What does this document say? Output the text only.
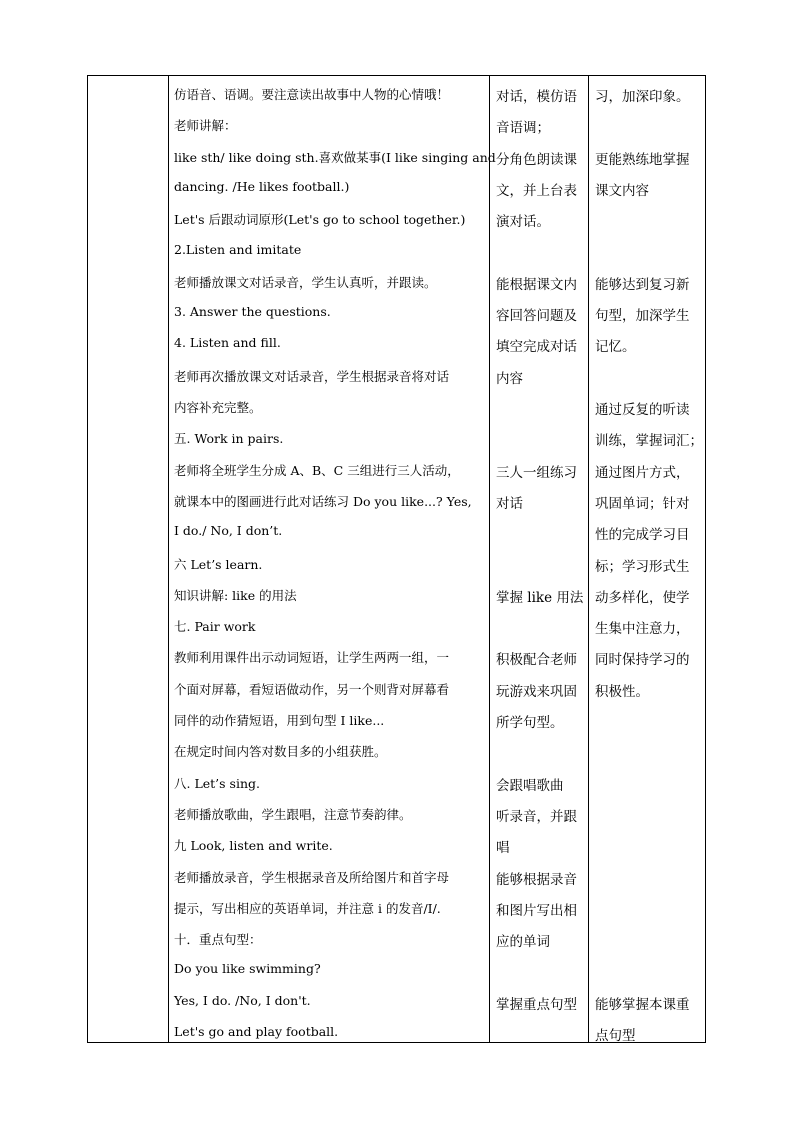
仿语音、语调。要注意读出故事中人物的心情哦！
老师讲解：
like sth/ like doing sth.喜欢做某事(I like singing and
dancing. /He likes football.)
Let's 后跟动词原形(Let's go to school together.)
2.Listen and imitate
老师播放课文对话录音，学生认真听，并跟读。
3. Answer the questions.
4. Listen and fill.
老师再次播放课文对话录音，学生根据录音将对话
内容补充完整。
五. Work in pairs.
老师将全班学生分成 A、B、C 三组进行三人活动，
就课本中的图画进行此对话练习 Do you like...? Yes,
I do./ No, I don’t.
六 Let’s learn.
知识讲解: like 的用法
七. Pair work
教师利用课件出示动词短语，让学生两两一组，一
个面对屏幕，看短语做动作，另一个则背对屏幕看
同伴的动作猜短语，用到句型 I like...
在规定时间内答对数目多的小组获胜。
八. Let’s sing.
老师播放歌曲，学生跟唱，注意节奏韵律。
九 Look, listen and write.
老师播放录音，学生根据录音及所给图片和首字母
提示，写出相应的英语单词，并注意 i 的发音/I/.
十．重点句型：
Do you like swimming?
Yes, I do. /No, I don't.
Let's go and play football.
对话，模仿语
音语调；
分角色朗读课
文，并上台表
演对话。
能根据课文内
容回答问题及
填空完成对话
内容
三人一组练习
对话
掌握 like 用法
积极配合老师
玩游戏来巩固
所学句型。
会跟唱歌曲
听录音，并跟
唱
能够根据录音
和图片写出相
应的单词
掌握重点句型
习，加深印象。
更能熟练地掌握
课文内容
能够达到复习新
句型，加深学生
记忆。
通过反复的听读
训练，掌握词汇；
通过图片方式，
巩固单词；针对
性的完成学习目
标；学习形式生
动多样化，使学
生集中注意力，
同时保持学习的
积极性。
能够掌握本课重
点句型
